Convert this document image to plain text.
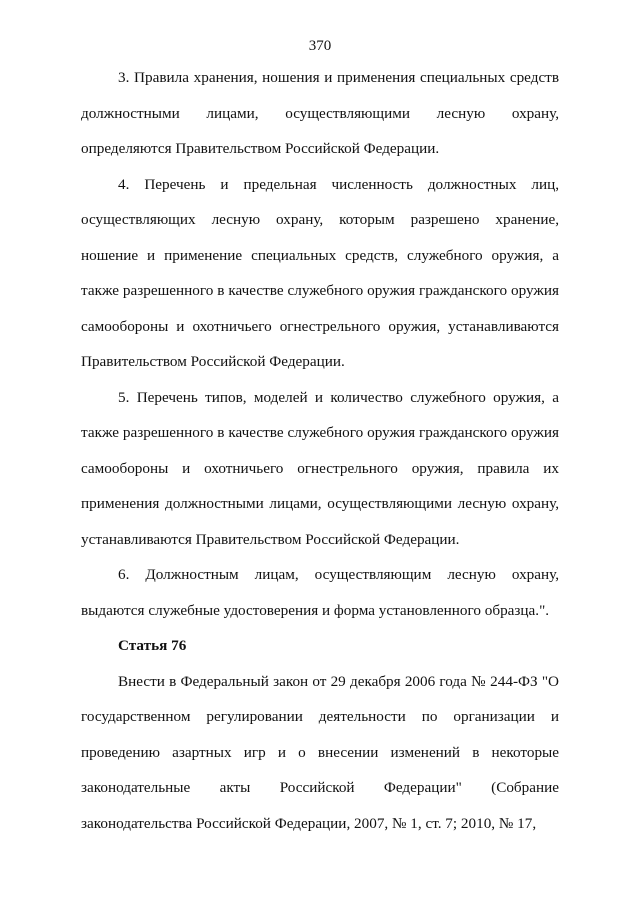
370

3. Правила хранения, ношения и применения специальных средств должностными лицами, осуществляющими лесную охрану, определяются Правительством Российской Федерации.

4. Перечень и предельная численность должностных лиц, осуществляющих лесную охрану, которым разрешено хранение, ношение и применение специальных средств, служебного оружия, а также разрешенного в качестве служебного оружия гражданского оружия самообороны и охотничьего огнестрельного оружия, устанавливаются Правительством Российской Федерации.

5. Перечень типов, моделей и количество служебного оружия, а также разрешенного в качестве служебного оружия гражданского оружия самообороны и охотничьего огнестрельного оружия, правила их применения должностными лицами, осуществляющими лесную охрану, устанавливаются Правительством Российской Федерации.

6. Должностным лицам, осуществляющим лесную охрану, выдаются служебные удостоверения и форма установленного образца.".

Статья 76

Внести в Федеральный закон от 29 декабря 2006 года № 244-ФЗ "О государственном регулировании деятельности по организации и проведению азартных игр и о внесении изменений в некоторые законодательные акты Российской Федерации" (Собрание законодательства Российской Федерации, 2007, № 1, ст. 7; 2010, № 17,
